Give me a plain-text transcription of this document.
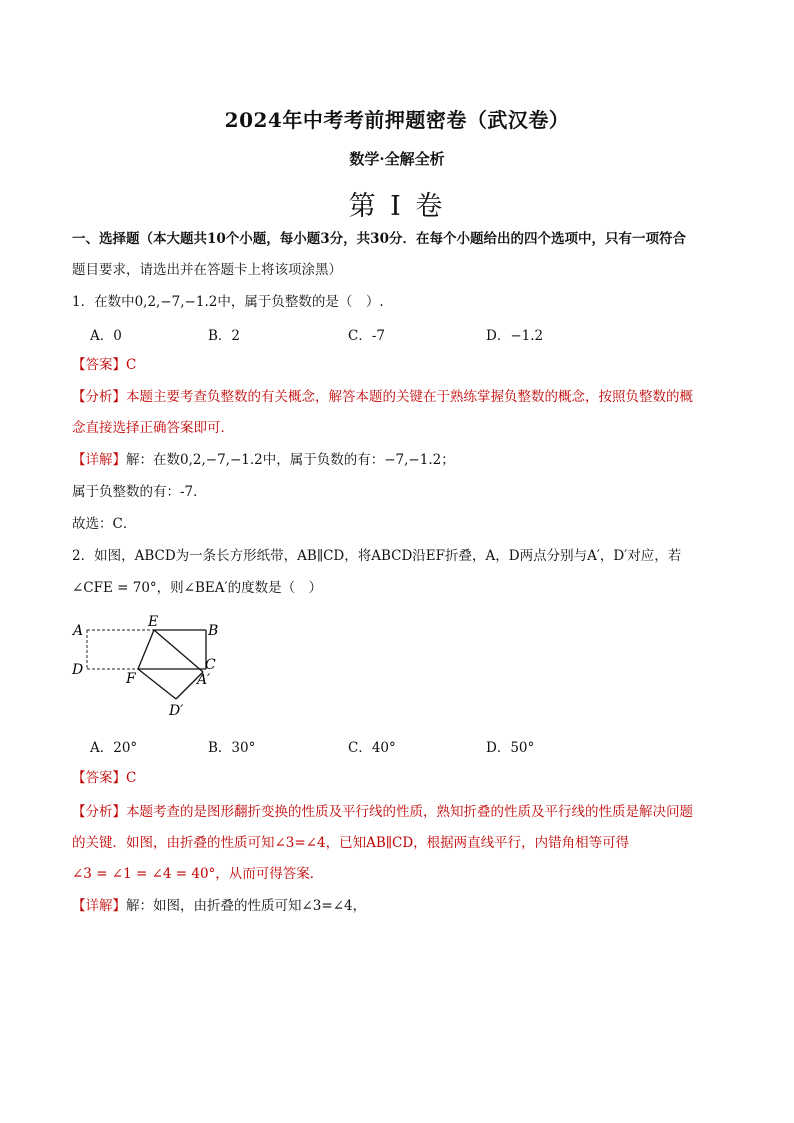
2024年中考考前押题密卷（武汉卷）
数学·全解全析
第 I 卷
一、选择题（本大题共10个小题，每小题3分，共30分．在每个小题给出的四个选项中，只有一项符合
题目要求，请选出并在答题卡上将该项涂黑）
1．在数中0,2,−7,−1.2中，属于负整数的是（　）.
A．0	B．2	C．-7	D．−1.2
【答案】C
【分析】本题主要考查负整数的有关概念，解答本题的关键在于熟练掌握负整数的概念，按照负整数的概
念直接选择正确答案即可．
【详解】解：在数0,2,−7,−1.2中，属于负数的有：−7,−1.2；
属于负整数的有：-7．
故选：C．
2．如图，ABCD为一条长方形纸带，AB∥CD，将ABCD沿EF折叠，A，D两点分别与A′，D′对应，若
∠CFE = 70°，则∠BEA′的度数是（　）
A
E
B
D
F
C
A′
D′
A．20°	B．30°	C．40°	D．50°
【答案】C
【分析】本题考查的是图形翻折变换的性质及平行线的性质，熟知折叠的性质及平行线的性质是解决问题
的关键．如图，由折叠的性质可知∠3=∠4，已知AB∥CD，根据两直线平行，内错角相等可得
∠3 = ∠1 = ∠4 = 40°，从而可得答案．
【详解】解：如图，由折叠的性质可知∠3=∠4，
